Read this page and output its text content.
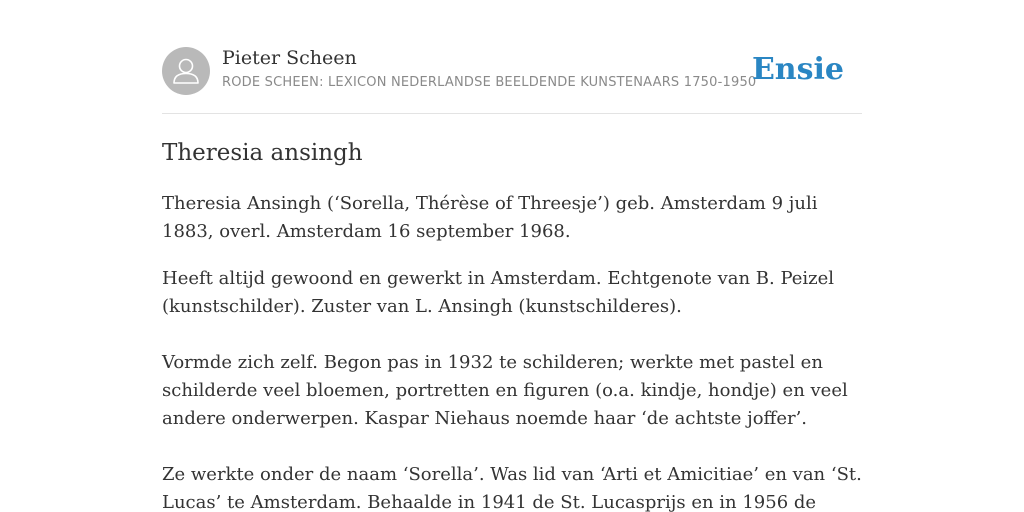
Pieter Scheen
RODE SCHEEN: LEXICON NEDERLANDSE BEELDENDE KUNSTENAARS 1750-1950
Ensie
Theresia ansingh

Theresia Ansingh (‘Sorella, Thérèse of Threesje’) geb. Amsterdam 9 juli 1883, overl. Amsterdam 16 september 1968.

Heeft altijd gewoond en gewerkt in Amsterdam. Echtgenote van B. Peizel (kunstschilder). Zuster van L. Ansingh (kunstschilderes).

Vormde zich zelf. Begon pas in 1932 te schilderen; werkte met pastel en schilderde veel bloemen, portretten en figuren (o.a. kindje, hondje) en veel andere onderwerpen. Kaspar Niehaus noemde haar ‘de achtste joffer’.

Ze werkte onder de naam ‘Sorella’. Was lid van ‘Arti et Amicitiae’ en van ‘St. Lucas’ te Amsterdam. Behaalde in 1941 de St. Lucasprijs en in 1956 de
